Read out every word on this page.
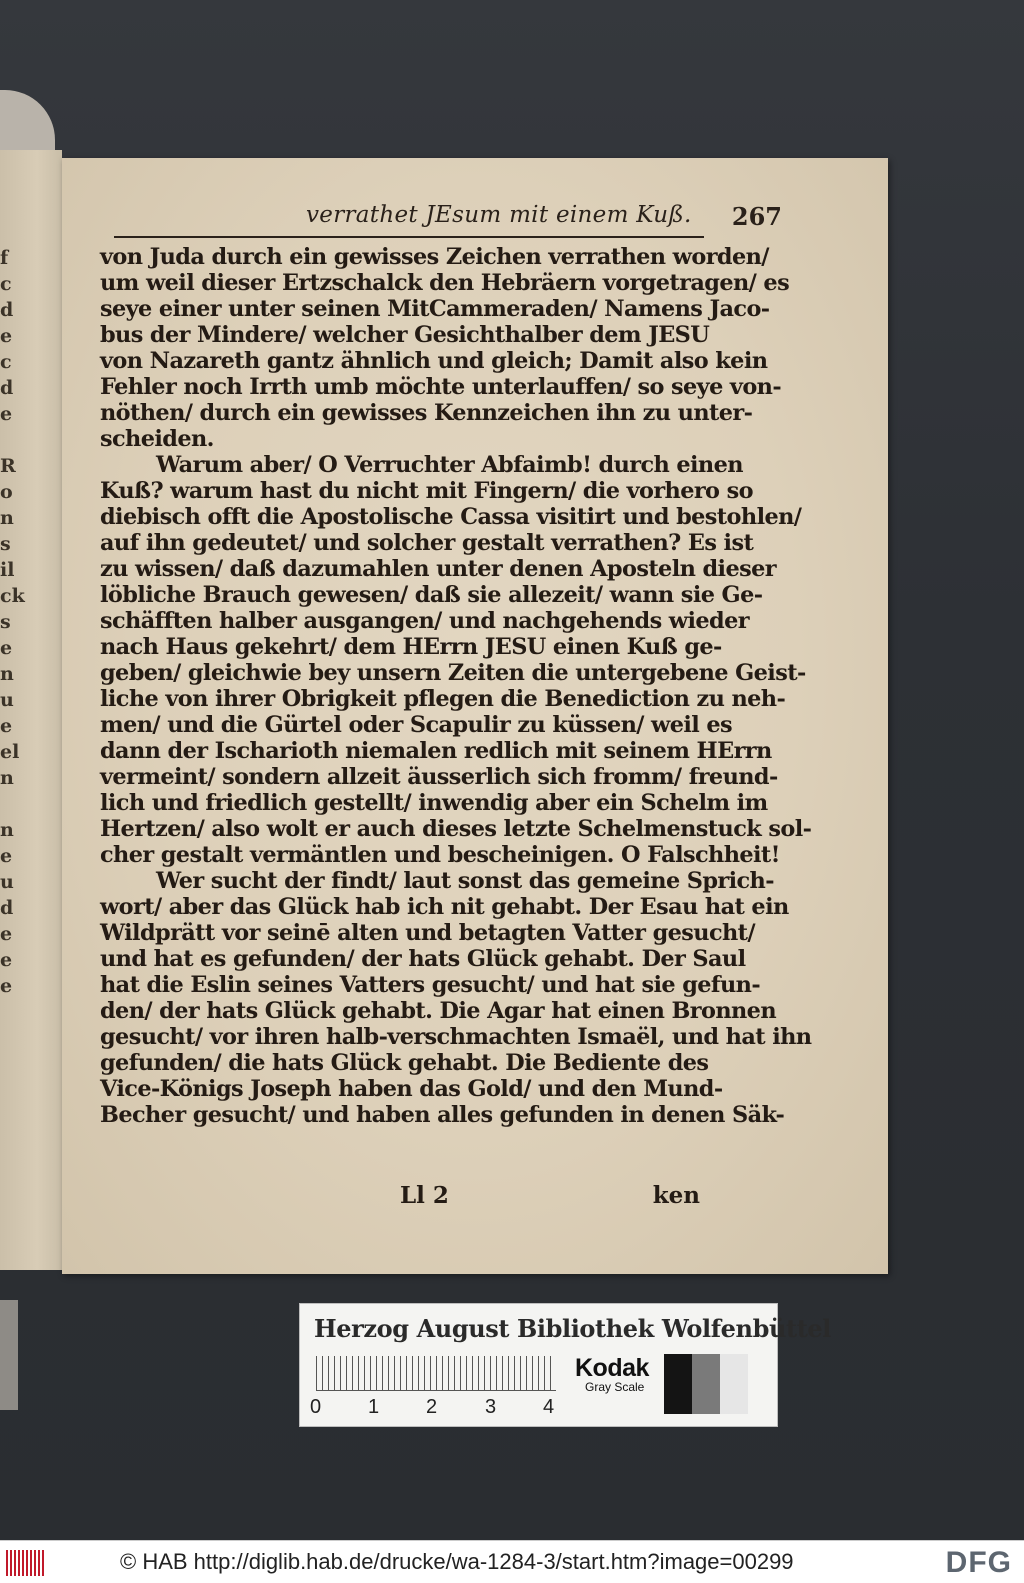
f
c
d
e
c
d
e
R
o
n
s
il
ck
s
e
n
u
e
el
n
n
e
u
d
e
e
e
verrathet JEsum mit einem Kuß. 267
von Juda durch ein gewisses Zeichen verrathen worden/
um weil dieser Ertzschalck den Hebräern vorgetragen/ es
seye einer unter seinen MitCammeraden/ Namens Jaco-
bus der Mindere/ welcher Gesichthalber dem JESU
von Nazareth gantz ähnlich und gleich; Damit also kein
Fehler noch Irrth umb möchte unterlauffen/ so seye von-
nöthen/ durch ein gewisses Kennzeichen ihn zu unter-
scheiden.
Warum aber/ O Verruchter Abfaimb! durch einen
Kuß? warum hast du nicht mit Fingern/ die vorhero so
diebisch offt die Apostolische Cassa visitirt und bestohlen/
auf ihn gedeutet/ und solcher gestalt verrathen? Es ist
zu wissen/ daß dazumahlen unter denen Aposteln dieser
löbliche Brauch gewesen/ daß sie allezeit/ wann sie Ge-
schäfften halber ausgangen/ und nachgehends wieder
nach Haus gekehrt/ dem HErrn JESU einen Kuß ge-
geben/ gleichwie bey unsern Zeiten die untergebene Geist-
liche von ihrer Obrigkeit pflegen die Benediction zu neh-
men/ und die Gürtel oder Scapulir zu küssen/ weil es
dann der Ischarioth niemalen redlich mit seinem HErrn
vermeint/ sondern allzeit äusserlich sich fromm/ freund-
lich und friedlich gestellt/ inwendig aber ein Schelm im
Hertzen/ also wolt er auch dieses letzte Schelmenstuck sol-
cher gestalt vermäntlen und bescheinigen. O Falschheit!
Wer sucht der findt/ laut sonst das gemeine Sprich-
wort/ aber das Glück hab ich nit gehabt. Der Esau hat ein
Wildprätt vor seinē alten und betagten Vatter gesucht/
und hat es gefunden/ der hats Glück gehabt. Der Saul
hat die Eslin seines Vatters gesucht/ und hat sie gefun-
den/ der hats Glück gehabt. Die Agar hat einen Bronnen
gesucht/ vor ihren halb-verschmachten Ismaël, und hat ihn
gefunden/ die hats Glück gehabt. Die Bediente des
Vice-Königs Joseph haben das Gold/ und den Mund-
Becher gesucht/ und haben alles gefunden in denen Säk-
Ll 2	ken
Herzog August Bibliothek Wolfenbüttel
0 1 2 3 4
Kodak
Gray Scale
© HAB http://diglib.hab.de/drucke/wa-1284-3/start.htm?image=00299	DFG
